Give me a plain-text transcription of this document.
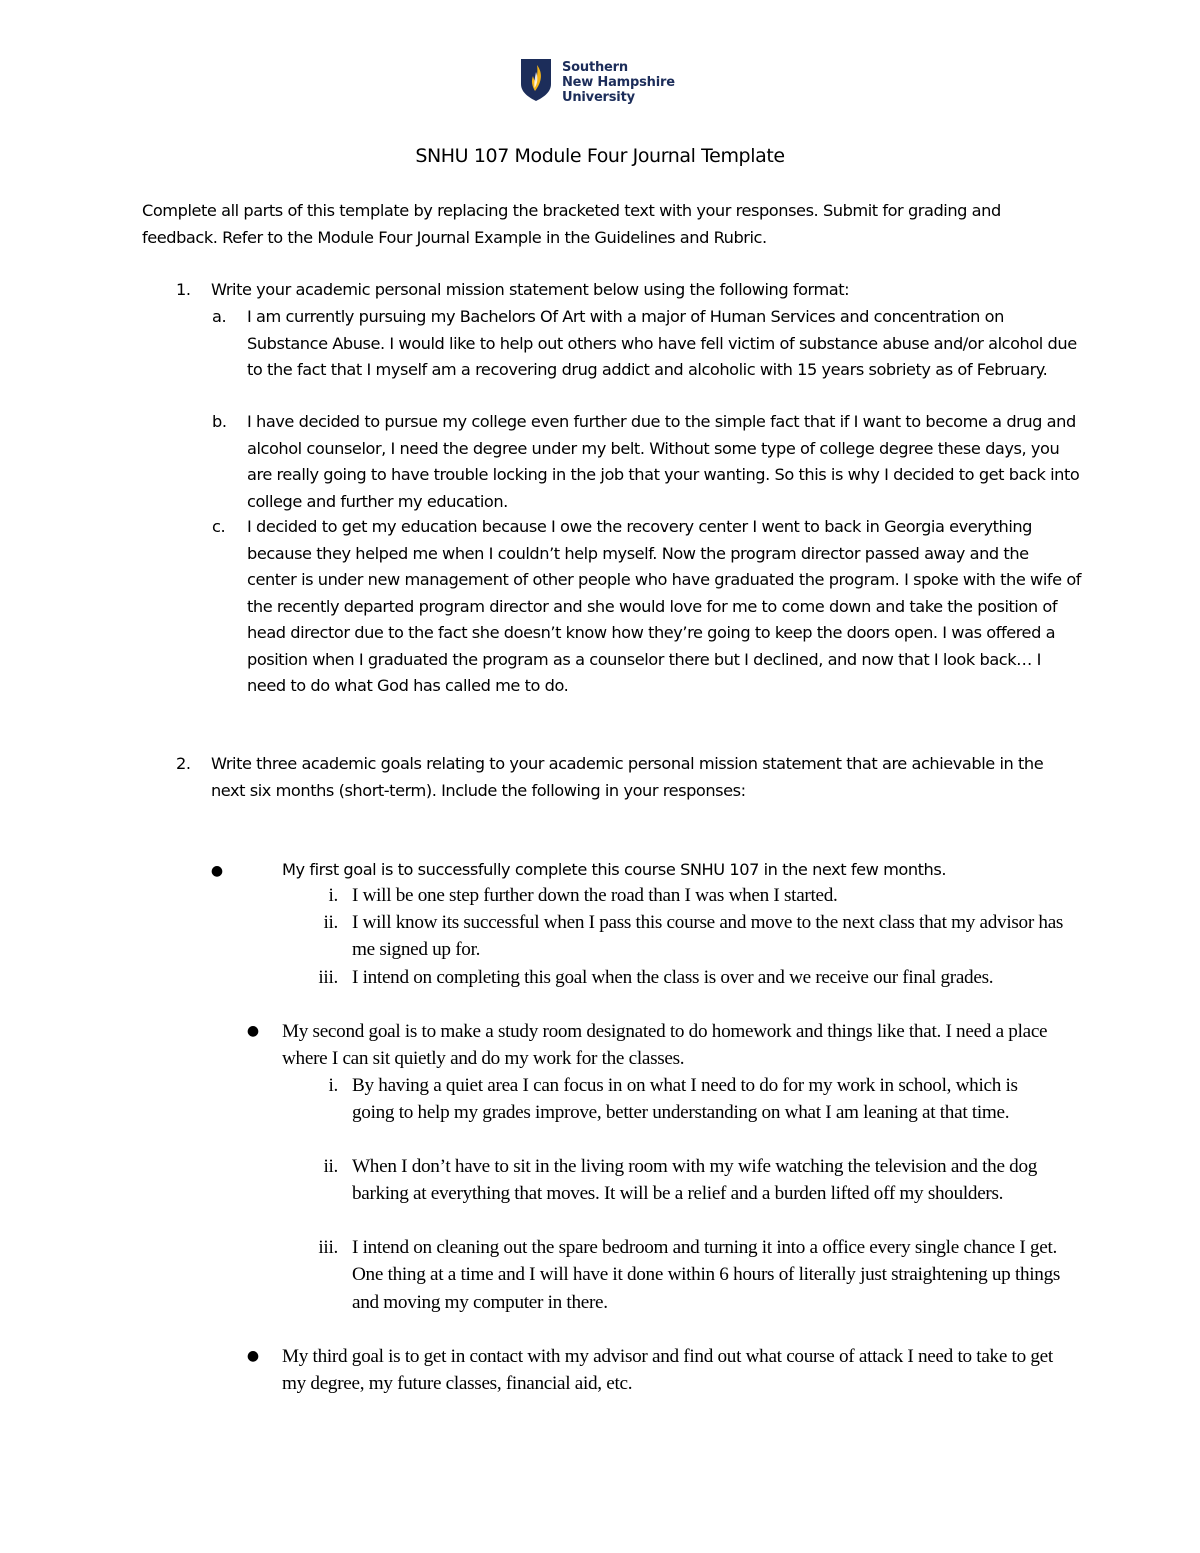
Southern
New Hampshire
University
SNHU 107 Module Four Journal Template
Complete all parts of this template by replacing the bracketed text with your responses. Submit for grading and feedback. Refer to the Module Four Journal Example in the Guidelines and Rubric.
1. Write your academic personal mission statement below using the following format:
a. I am currently pursuing my Bachelors Of Art with a major of Human Services and concentration on Substance Abuse. I would like to help out others who have fell victim of substance abuse and/or alcohol due to the fact that I myself am a recovering drug addict and alcoholic with 15 years sobriety as of February.
b. I have decided to pursue my college even further due to the simple fact that if I want to become a drug and alcohol counselor, I need the degree under my belt. Without some type of college degree these days, you are really going to have trouble locking in the job that your wanting. So this is why I decided to get back into college and further my education.
c. I decided to get my education because I owe the recovery center I went to back in Georgia everything because they helped me when I couldn’t help myself. Now the program director passed away and the center is under new management of other people who have graduated the program. I spoke with the wife of the recently departed program director and she would love for me to come down and take the position of head director due to the fact she doesn’t know how they’re going to keep the doors open. I was offered a position when I graduated the program as a counselor there but I declined, and now that I look back… I need to do what God has called me to do.
2. Write three academic goals relating to your academic personal mission statement that are achievable in the next six months (short-term). Include the following in your responses:
●	My first goal is to successfully complete this course SNHU 107 in the next few months.
i. I will be one step further down the road than I was when I started.
ii. I will know its successful when I pass this course and move to the next class that my advisor has me signed up for.
iii. I intend on completing this goal when the class is over and we receive our final grades.
● My second goal is to make a study room designated to do homework and things like that. I need a place where I can sit quietly and do my work for the classes.
i. By having a quiet area I can focus in on what I need to do for my work in school, which is going to help my grades improve, better understanding on what I am leaning at that time.
ii. When I don’t have to sit in the living room with my wife watching the television and the dog barking at everything that moves. It will be a relief and a burden lifted off my shoulders.
iii. I intend on cleaning out the spare bedroom and turning it into a office every single chance I get. One thing at a time and I will have it done within 6 hours of literally just straightening up things and moving my computer in there.
● My third goal is to get in contact with my advisor and find out what course of attack I need to take to get my degree, my future classes, financial aid, etc.
